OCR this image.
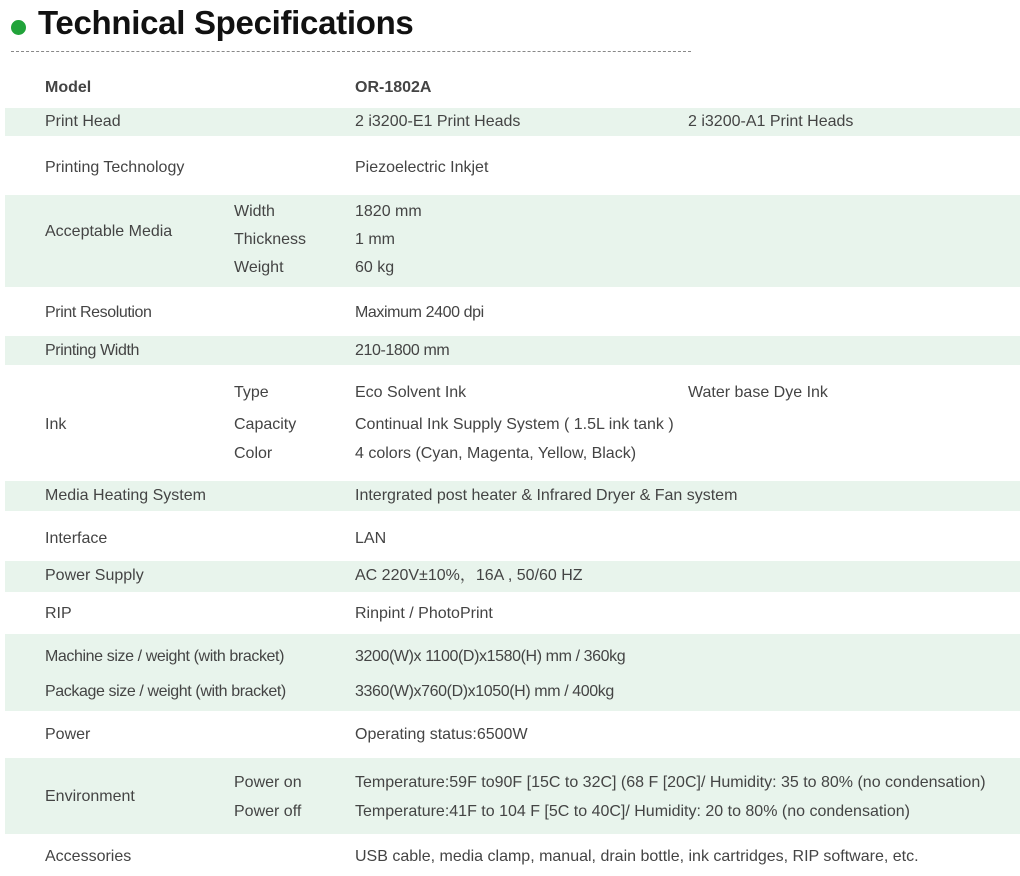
Technical Specifications
Model	OR-1802A
Print Head	2 i3200-E1 Print Heads	2 i3200-A1 Print Heads
Printing Technology	Piezoelectric Inkjet
Acceptable Media
Width	1820 mm
Thickness	1 mm
Weight	60 kg
Print Resolution	Maximum 2400 dpi
Printing Width	210-1800 mm
Ink
Type	Eco Solvent Ink	Water base Dye Ink
Capacity	Continual Ink Supply System ( 1.5L ink tank )
Color	4 colors (Cyan, Magenta, Yellow, Black)
Media Heating System	Intergrated post heater & Infrared Dryer & Fan system
Interface	LAN
Power Supply	AC 220V±10%，16A , 50/60 HZ
RIP	Rinpint / PhotoPrint
Machine size / weight (with bracket)	3200(W)x 1100(D)x1580(H) mm / 360kg
Package size / weight (with bracket)	3360(W)x760(D)x1050(H) mm / 400kg
Power	Operating status:6500W
Environment
Power on	Temperature:59F to90F [15C to 32C] (68 F [20C]/ Humidity: 35 to 80% (no condensation)
Power off	Temperature:41F to 104 F [5C to 40C]/ Humidity: 20 to 80% (no condensation)
Accessories	USB cable, media clamp, manual, drain bottle, ink cartridges, RIP software, etc.
